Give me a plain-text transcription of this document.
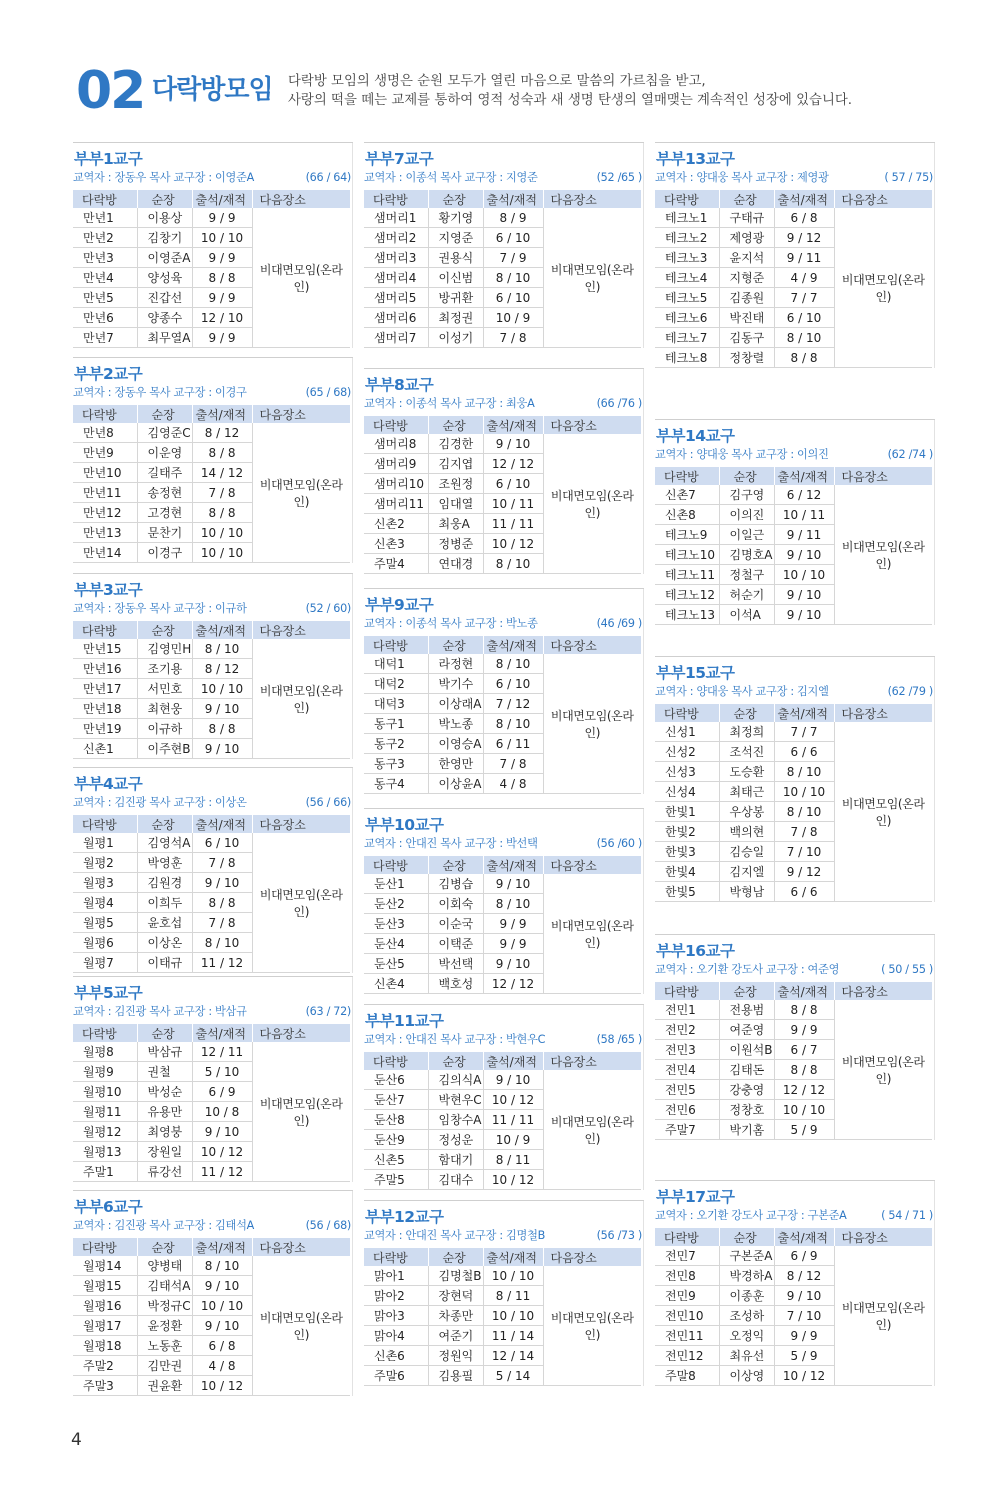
02 다락방모임 다락방 모임의 생명은 순원 모두가 열린 마음으로 말씀의 가르침을 받고,
사랑의 떡을 떼는 교제를 통하여 영적 성숙과 새 생명 탄생의 열매맺는 계속적인 성장에 있습니다.
부부1교구
교역자 : 장동우 목사 교구장 : 이영준A	(66 / 64)
다락방	순장	출석/재적	다음장소
만년1	이용상	9 / 9	비대면모임(온라인)
만년2	김창기	10 / 10	
만년3	이영준A	9 / 9	
만년4	양성육	8 / 8	
만년5	진갑선	9 / 9	
만년6	양종수	12 / 10	
만년7	최무열A	9 / 9	
부부2교구
교역자 : 장동우 목사 교구장 : 이경구	(65 / 68)
다락방	순장	출석/재적	다음장소
만년8	김영준C	8 / 12	비대면모임(온라인)
만년9	이운영	8 / 8	
만년10	길태주	14 / 12	
만년11	송정현	7 / 8	
만년12	고경현	8 / 8	
만년13	문찬기	10 / 10	
만년14	이경구	10 / 10	
부부3교구
교역자 : 장동우 목사 교구장 : 이규하	(52 / 60)
다락방	순장	출석/재적	다음장소
만년15	김영민H	8 / 10	비대면모임(온라인)
만년16	조기용	8 / 12	
만년17	서민호	10 / 10	
만년18	최현웅	9 / 10	
만년19	이규하	8 / 8	
신촌1	이주현B	9 / 10	
부부4교구
교역자 : 김진광 목사 교구장 : 이상온	(56 / 66)
다락방	순장	출석/재적	다음장소
월평1	김영석A	6 / 10	비대면모임(온라인)
월평2	박영훈	7 / 8	
월평3	김원경	9 / 10	
월평4	이희두	8 / 8	
월평5	윤호섭	7 / 8	
월평6	이상온	8 / 10	
월평7	이태규	11 / 12	
부부5교구
교역자 : 김진광 목사 교구장 : 박삼규	(63 / 72)
다락방	순장	출석/재적	다음장소
월평8	박삼규	12 / 11	비대면모임(온라인)
월평9	권철	5 / 10	
월평10	박성순	6 / 9	
월평11	유용만	10 / 8	
월평12	최영붕	9 / 10	
월평13	장원일	10 / 12	
주말1	류강선	11 / 12	
부부6교구
교역자 : 김진광 목사 교구장 : 김태석A	(56 / 68)
다락방	순장	출석/재적	다음장소
월평14	양병태	8 / 10	비대면모임(온라인)
월평15	김태석A	9 / 10	
월평16	박정규C	10 / 10	
월평17	윤정환	9 / 10	
월평18	노동훈	6 / 8	
주말2	김만권	4 / 8	
주말3	권윤환	10 / 12	
부부7교구
교역자 : 이종석 목사 교구장 : 지영준	(52 /65 )
다락방	순장	출석/재적	다음장소
샘머리1	황기영	8 / 9	비대면모임(온라인)
샘머리2	지영준	6 / 10	
샘머리3	권용식	7 / 9	
샘머리4	이신범	8 / 10	
샘머리5	방귀환	6 / 10	
샘머리6	최정권	10 / 9	
샘머리7	이성기	7 / 8	
부부8교구
교역자 : 이종석 목사 교구장 : 최웅A	(66 /76 )
다락방	순장	출석/재적	다음장소
샘머리8	김경한	9 / 10	비대면모임(온라인)
샘머리9	김지엽	12 / 12	
샘머리10	조원정	6 / 10	
샘머리11	임대열	10 / 11	
신촌2	최웅A	11 / 11	
신촌3	정병준	10 / 12	
주말4	연대경	8 / 10	
부부9교구
교역자 : 이종석 목사 교구장 : 박노종	(46 /69 )
다락방	순장	출석/재적	다음장소
대덕1	라정현	8 / 10	비대면모임(온라인)
대덕2	박기수	6 / 10	
대덕3	이상래A	7 / 12	
동구1	박노종	8 / 10	
동구2	이영승A	6 / 11	
동구3	한영만	7 / 8	
동구4	이상윤A	4 / 8	
부부10교구
교역자 : 안대진 목사 교구장 : 박선택	(56 /60 )
다락방	순장	출석/재적	다음장소
둔산1	김병습	9 / 10	비대면모임(온라인)
둔산2	이회숙	8 / 10	
둔산3	이순국	9 / 9	
둔산4	이택준	9 / 9	
둔산5	박선택	9 / 10	
신촌4	백호성	12 / 12	
부부11교구
교역자 : 안대진 목사 교구장 : 박현우C	(58 /65 )
다락방	순장	출석/재적	다음장소
둔산6	김의식A	9 / 10	비대면모임(온라인)
둔산7	박현우C	10 / 12	
둔산8	임창수A	11 / 11	
둔산9	정성운	10 / 9	
신촌5	함대기	8 / 11	
주말5	김대수	10 / 12	
부부12교구
교역자 : 안대진 목사 교구장 : 김명철B	(56 /73 )
다락방	순장	출석/재적	다음장소
맑아1	김명철B	10 / 10	비대면모임(온라인)
맑아2	장현덕	8 / 11	
맑아3	차종만	10 / 10	
맑아4	여준기	11 / 14	
신촌6	정원익	12 / 14	
주말6	김용필	5 / 14	
부부13교구
교역자 : 양대웅 목사 교구장 : 제영광	( 57 / 75)
다락방	순장	출석/재적	다음장소
테크노1	구태규	6 / 8	비대면모임(온라인)
테크노2	제영광	9 / 12	
테크노3	윤지석	9 / 11	
테크노4	지형준	4 / 9	
테크노5	김종원	7 / 7	
테크노6	박진태	6 / 10	
테크노7	김동구	8 / 10	
테크노8	정창렬	8 / 8	
부부14교구
교역자 : 양대웅 목사 교구장 : 이의진	(62 /74 )
다락방	순장	출석/재적	다음장소
신촌7	김구영	6 / 12	비대면모임(온라인)
신촌8	이의진	10 / 11	
테크노9	이일근	9 / 11	
테크노10	김명호A	9 / 10	
테크노11	정철구	10 / 10	
테크노12	허순기	9 / 10	
테크노13	이석A	9 / 10	
부부15교구
교역자 : 양대웅 목사 교구장 : 김지엘	(62 /79 )
다락방	순장	출석/재적	다음장소
신성1	최정희	7 / 7	비대면모임(온라인)
신성2	조석진	6 / 6	
신성3	도승환	8 / 10	
신성4	최태근	10 / 10	
한빛1	우상봉	8 / 10	
한빛2	백의현	7 / 8	
한빛3	김승일	7 / 10	
한빛4	김지엘	9 / 12	
한빛5	박형남	6 / 6	
부부16교구
교역자 : 오기환 강도사 교구장 : 여준영	( 50 / 55 )
다락방	순장	출석/재적	다음장소
전민1	전용범	8 / 8	비대면모임(온라인)
전민2	여준영	9 / 9	
전민3	이원석B	6 / 7	
전민4	김태돈	8 / 8	
전민5	강충영	12 / 12	
전민6	정창호	10 / 10	
주말7	박기홈	5 / 9	
부부17교구
교역자 : 오기환 강도사 교구장 : 구본준A	( 54 / 71 )
다락방	순장	출석/재적	다음장소
전민7	구본준A	6 / 9	비대면모임(온라인)
전민8	박경하A	8 / 12	
전민9	이종훈	9 / 10	
전민10	조성하	7 / 10	
전민11	오정익	9 / 9	
전민12	최유선	5 / 9	
주말8	이상영	10 / 12	
4
